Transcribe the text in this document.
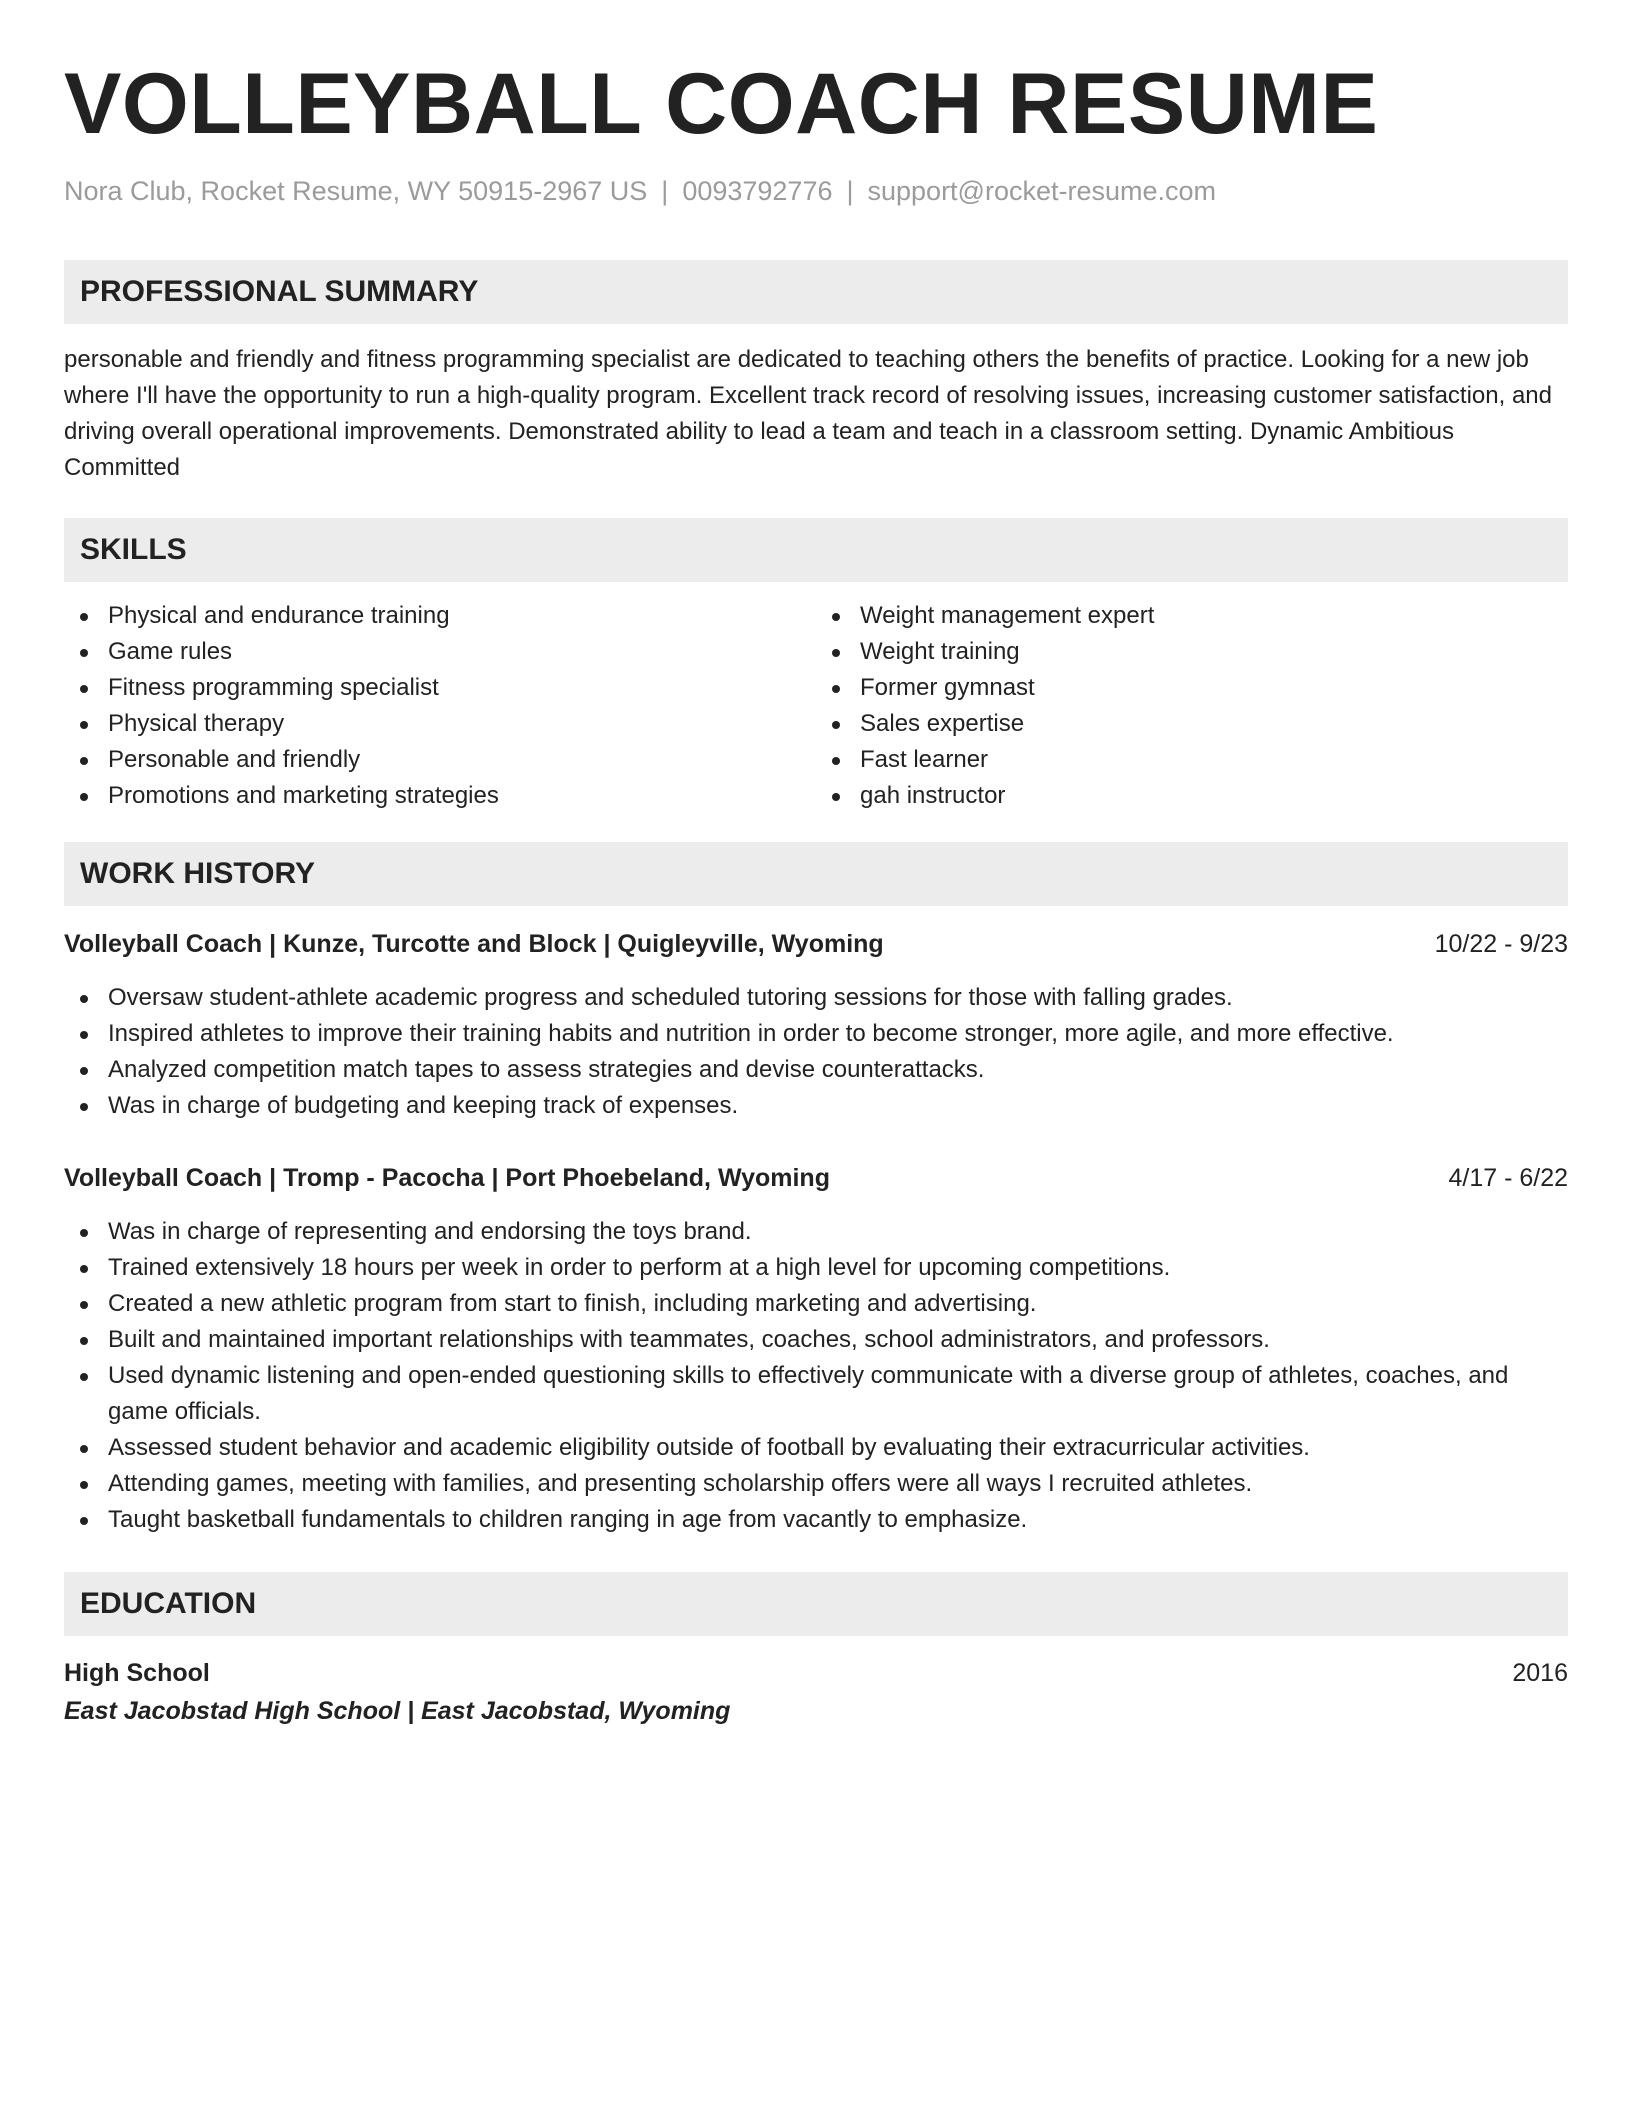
VOLLEYBALL COACH RESUME
Nora Club, Rocket Resume, WY 50915-2967 US | 0093792776 | support@rocket-resume.com
PROFESSIONAL SUMMARY

personable and friendly and fitness programming specialist are dedicated to teaching others the benefits of practice. Looking for a new job where I'll have the opportunity to run a high-quality program. Excellent track record of resolving issues, increasing customer satisfaction, and driving overall operational improvements. Demonstrated ability to lead a team and teach in a classroom setting. Dynamic Ambitious Committed

SKILLS
Physical and endurance training
Game rules
Fitness programming specialist
Physical therapy
Personable and friendly
Promotions and marketing strategies
Weight management expert
Weight training
Former gymnast
Sales expertise
Fast learner
gah instructor
WORK HISTORY
Volleyball Coach | Kunze, Turcotte and Block | Quigleyville, Wyoming	10/22 - 9/23
Oversaw student-athlete academic progress and scheduled tutoring sessions for those with falling grades.
Inspired athletes to improve their training habits and nutrition in order to become stronger, more agile, and more effective.
Analyzed competition match tapes to assess strategies and devise counterattacks.
Was in charge of budgeting and keeping track of expenses.
Volleyball Coach | Tromp - Pacocha | Port Phoebeland, Wyoming	4/17 - 6/22
Was in charge of representing and endorsing the toys brand.
Trained extensively 18 hours per week in order to perform at a high level for upcoming competitions.
Created a new athletic program from start to finish, including marketing and advertising.
Built and maintained important relationships with teammates, coaches, school administrators, and professors.
Used dynamic listening and open-ended questioning skills to effectively communicate with a diverse group of athletes, coaches, and game officials.
Assessed student behavior and academic eligibility outside of football by evaluating their extracurricular activities.
Attending games, meeting with families, and presenting scholarship offers were all ways I recruited athletes.
Taught basketball fundamentals to children ranging in age from vacantly to emphasize.
EDUCATION
High School	2016
East Jacobstad High School | East Jacobstad, Wyoming
